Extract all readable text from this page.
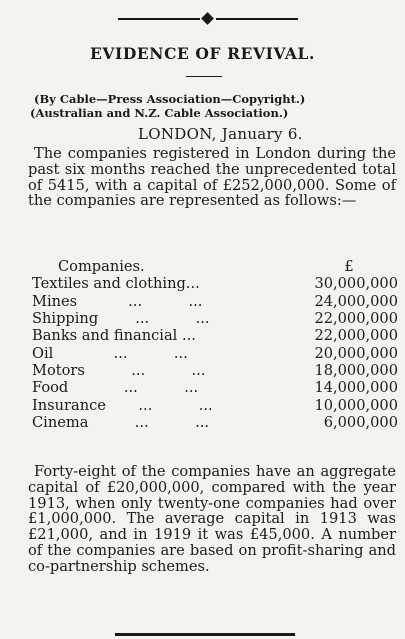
EVIDENCE OF REVIVAL.
(By Cable—Press Association—Copyright.)
(Australian and N.Z. Cable Association.)
LONDON, January 6.

The companies registered in London during the past six months reached the unprecedented total of 5415, with a capital of £252,000,000. Some of the companies are represented as follows:—

Companies.	£
Textiles and clothing...	30,000,000
Mines           ...          ...	24,000,000
Shipping        ...          ...	22,000,000
Banks and financial ...	22,000,000
Oil             ...          ...	20,000,000
Motors          ...          ...	18,000,000
Food            ...          ...	14,000,000
Insurance       ...          ...	10,000,000
Cinema          ...          ...	6,000,000

Forty-eight of the companies have an aggregate capital of £20,000,000, compared with the year 1913, when only twenty-one companies had over £1,000,000. The average capital in 1913 was £21,000, and in 1919 it was £45,000. A number of the companies are based on profit-sharing and co-partnership schemes.
